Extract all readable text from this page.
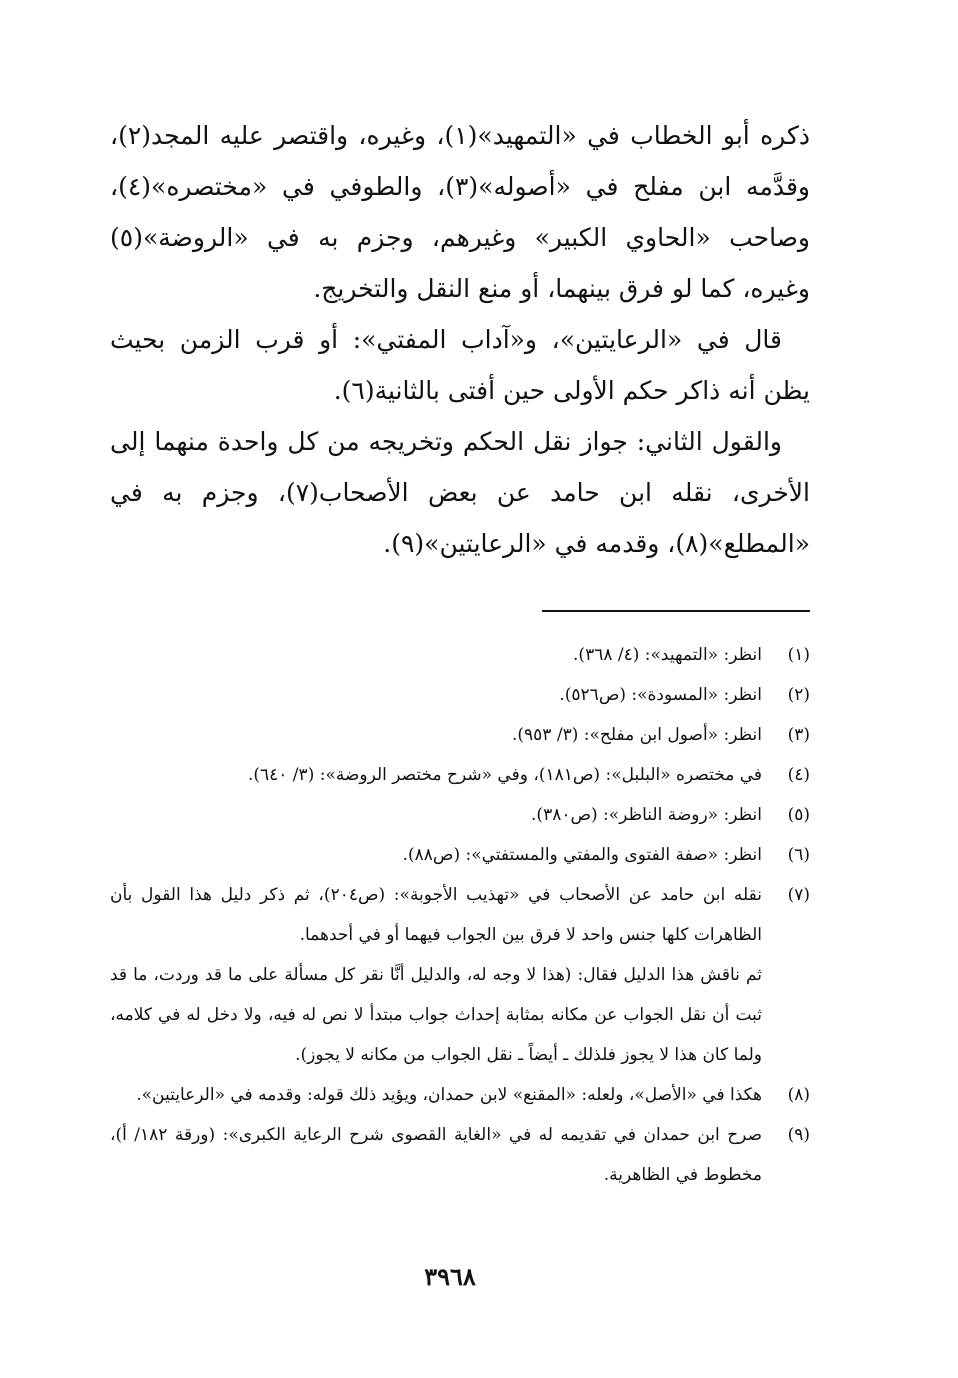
ذكره أبو الخطاب في «التمهيد»(١)، وغيره، واقتصر عليه المجد(٢)، وقدَّمه ابن مفلح في «أصوله»(٣)، والطوفي في «مختصره»(٤)، وصاحب «الحاوي الكبير» وغيرهم، وجزم به في «الروضة»(٥) وغيره، كما لو فرق بينهما، أو منع النقل والتخريج.

قال في «الرعايتين»، و«آداب المفتي»: أو قرب الزمن بحيث يظن أنه ذاكر حكم الأولى حين أفتى بالثانية(٦).

والقول الثاني: جواز نقل الحكم وتخريجه من كل واحدة منهما إلى الأخرى، نقله ابن حامد عن بعض الأصحاب(٧)، وجزم به في «المطلع»(٨)، وقدمه في «الرعايتين»(٩).

(١)
انظر: «التمهيد»: (٤/ ٣٦٨).
(٢)
انظر: «المسودة»: (ص٥٢٦).
(٣)
انظر: «أصول ابن مفلح»: (٣/ ٩٥٣).
(٤)
في مختصره «البلبل»: (ص١٨١)، وفي «شرح مختصر الروضة»: (٣/ ٦٤٠).
(٥)
انظر: «روضة الناظر»: (ص٣٨٠).
(٦)
انظر: «صفة الفتوى والمفتي والمستفتي»: (ص٨٨).
(٧)
نقله ابن حامد عن الأصحاب في «تهذيب الأجوبة»: (ص٢٠٤)، ثم ذكر دليل هذا القول بأن الظاهرات كلها جنس واحد لا فرق بين الجواب فيهما أو في أحدهما.
ثم ناقش هذا الدليل فقال: (هذا لا وجه له، والدليل أنَّا نقر كل مسألة على ما قد وردت، ما قد ثبت أن نقل الجواب عن مكانه بمثابة إحداث جواب مبتدأ لا نص له فيه، ولا دخل له في كلامه، ولما كان هذا لا يجوز فلذلك ـ أيضاً ـ نقل الجواب من مكانه لا يجوز).
(٨)
هكذا في «الأصل»، ولعله: «المقنع» لابن حمدان، ويؤيد ذلك قوله: وقدمه في «الرعايتين».
(٩)
صرح ابن حمدان في تقديمه له في «الغاية القصوى شرح الرعاية الكبرى»: (ورقة ١٨٢/ أ)، مخطوط في الظاهرية.
٣٩٦٨
